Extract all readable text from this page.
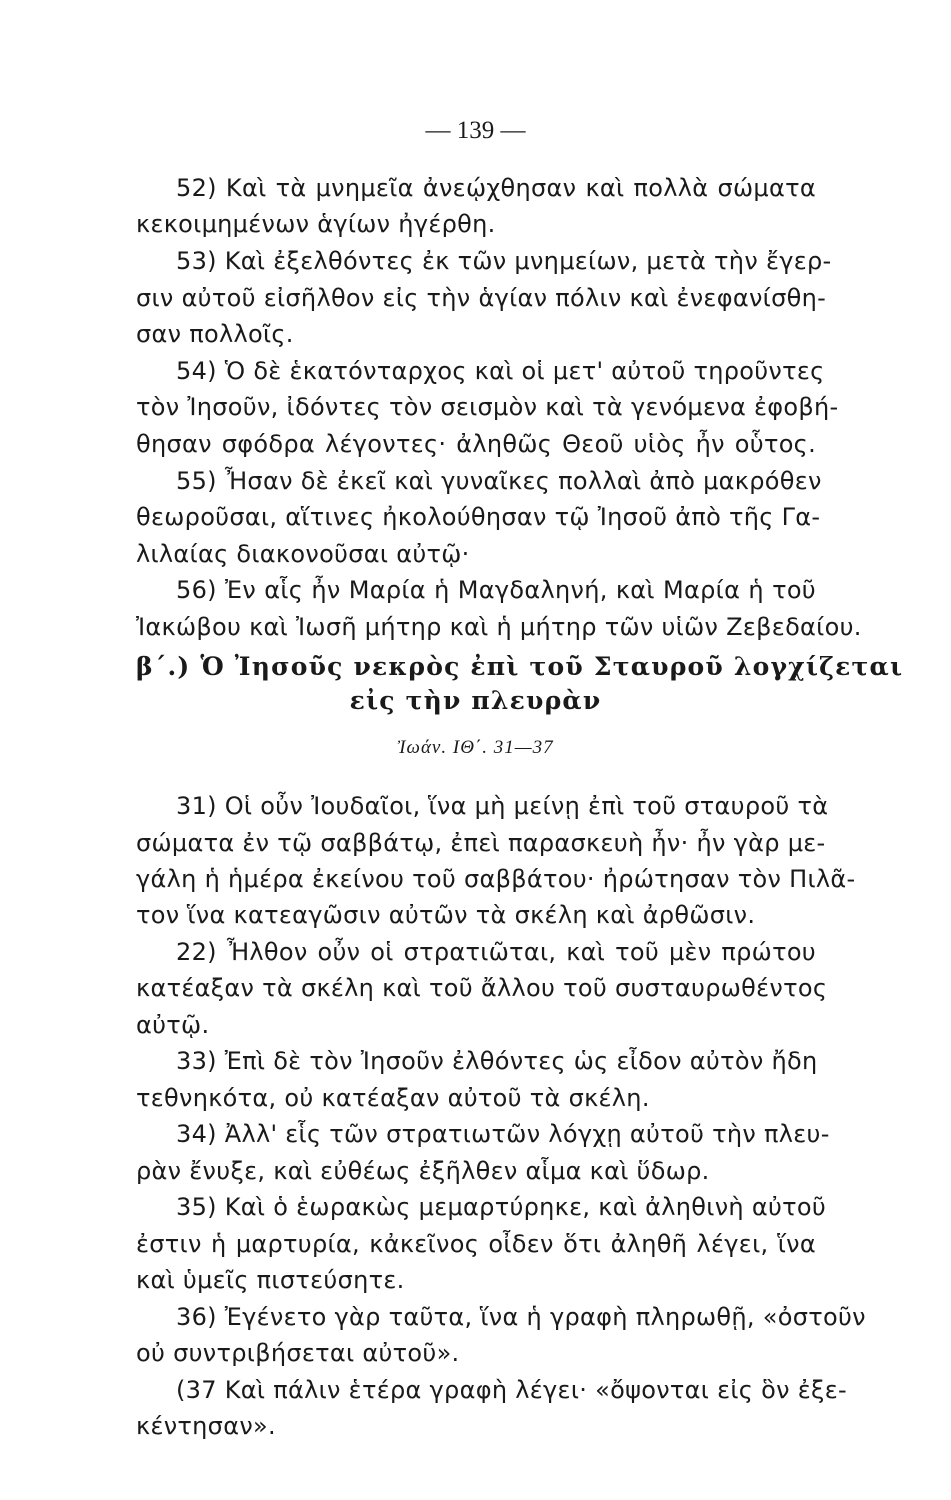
— 139 —
52) Καὶ τὰ μνημεῖα ἀνεῴχθησαν καὶ πολλὰ σώματα
κεκοιμημένων ἁγίων ἠγέρθη.
53) Καὶ ἐξελθόντες ἐκ τῶν μνημείων, μετὰ τὴν ἔγερ-
σιν αὐτοῦ εἰσῆλθον εἰς τὴν ἁγίαν πόλιν καὶ ἐνεφανίσθη-
σαν πολλοῖς.
54) Ὁ δὲ ἑκατόνταρχος καὶ οἱ μετ' αὐτοῦ τηροῦντες
τὸν Ἰησοῦν, ἰδόντες τὸν σεισμὸν καὶ τὰ γενόμενα ἐφοβή-
θησαν σφόδρα λέγοντες· ἀληθῶς Θεοῦ υἱὸς ἦν οὗτος.
55) Ἦσαν δὲ ἐκεῖ καὶ γυναῖκες πολλαὶ ἀπὸ μακρόθεν
θεωροῦσαι, αἵτινες ἠκολούθησαν τῷ Ἰησοῦ ἀπὸ τῆς Γα-
λιλαίας διακονοῦσαι αὐτῷ·
56) Ἐν αἷς ἦν Μαρία ἡ Μαγδαληνή, καὶ Μαρία ἡ τοῦ
Ἰακώβου καὶ Ἰωσῆ μήτηρ καὶ ἡ μήτηρ τῶν υἱῶν Ζεβεδαίου.
β΄.) Ὁ Ἰησοῦς νεκρὸς ἐπὶ τοῦ Σταυροῦ λογχίζεται
εἰς τὴν πλευρὰν
Ἰωάν. ΙΘ΄. 31—37
31) Οἱ οὖν Ἰουδαῖοι, ἵνα μὴ μείνῃ ἐπὶ τοῦ σταυροῦ τὰ
σώματα ἐν τῷ σαββάτῳ, ἐπεὶ παρασκευὴ ἦν· ἦν γὰρ με-
γάλη ἡ ἡμέρα ἐκείνου τοῦ σαββάτου· ἠρώτησαν τὸν Πιλᾶ-
τον ἵνα κατεαγῶσιν αὐτῶν τὰ σκέλη καὶ ἀρθῶσιν.
22) Ἦλθον οὖν οἱ στρατιῶται, καὶ τοῦ μὲν πρώτου
κατέαξαν τὰ σκέλη καὶ τοῦ ἄλλου τοῦ συσταυρωθέντος
αὐτῷ.
33) Ἐπὶ δὲ τὸν Ἰησοῦν ἐλθόντες ὡς εἶδον αὐτὸν ἤδη
τεθνηκότα, οὐ κατέαξαν αὐτοῦ τὰ σκέλη.
34) Ἀλλ' εἷς τῶν στρατιωτῶν λόγχῃ αὐτοῦ τὴν πλευ-
ρὰν ἔνυξε, καὶ εὐθέως ἐξῆλθεν αἷμα καὶ ὕδωρ.
35) Καὶ ὁ ἑωρακὼς μεμαρτύρηκε, καὶ ἀληθινὴ αὐτοῦ
ἐστιν ἡ μαρτυρία, κἀκεῖνος οἶδεν ὅτι ἀληθῆ λέγει, ἵνα
καὶ ὑμεῖς πιστεύσητε.
36) Ἐγένετο γὰρ ταῦτα, ἵνα ἡ γραφὴ πληρωθῇ, «ὀστοῦν
οὐ συντριβήσεται αὐτοῦ».
(37 Καὶ πάλιν ἑτέρα γραφὴ λέγει· «ὄψονται εἰς ὃν ἐξε-
κέντησαν».
